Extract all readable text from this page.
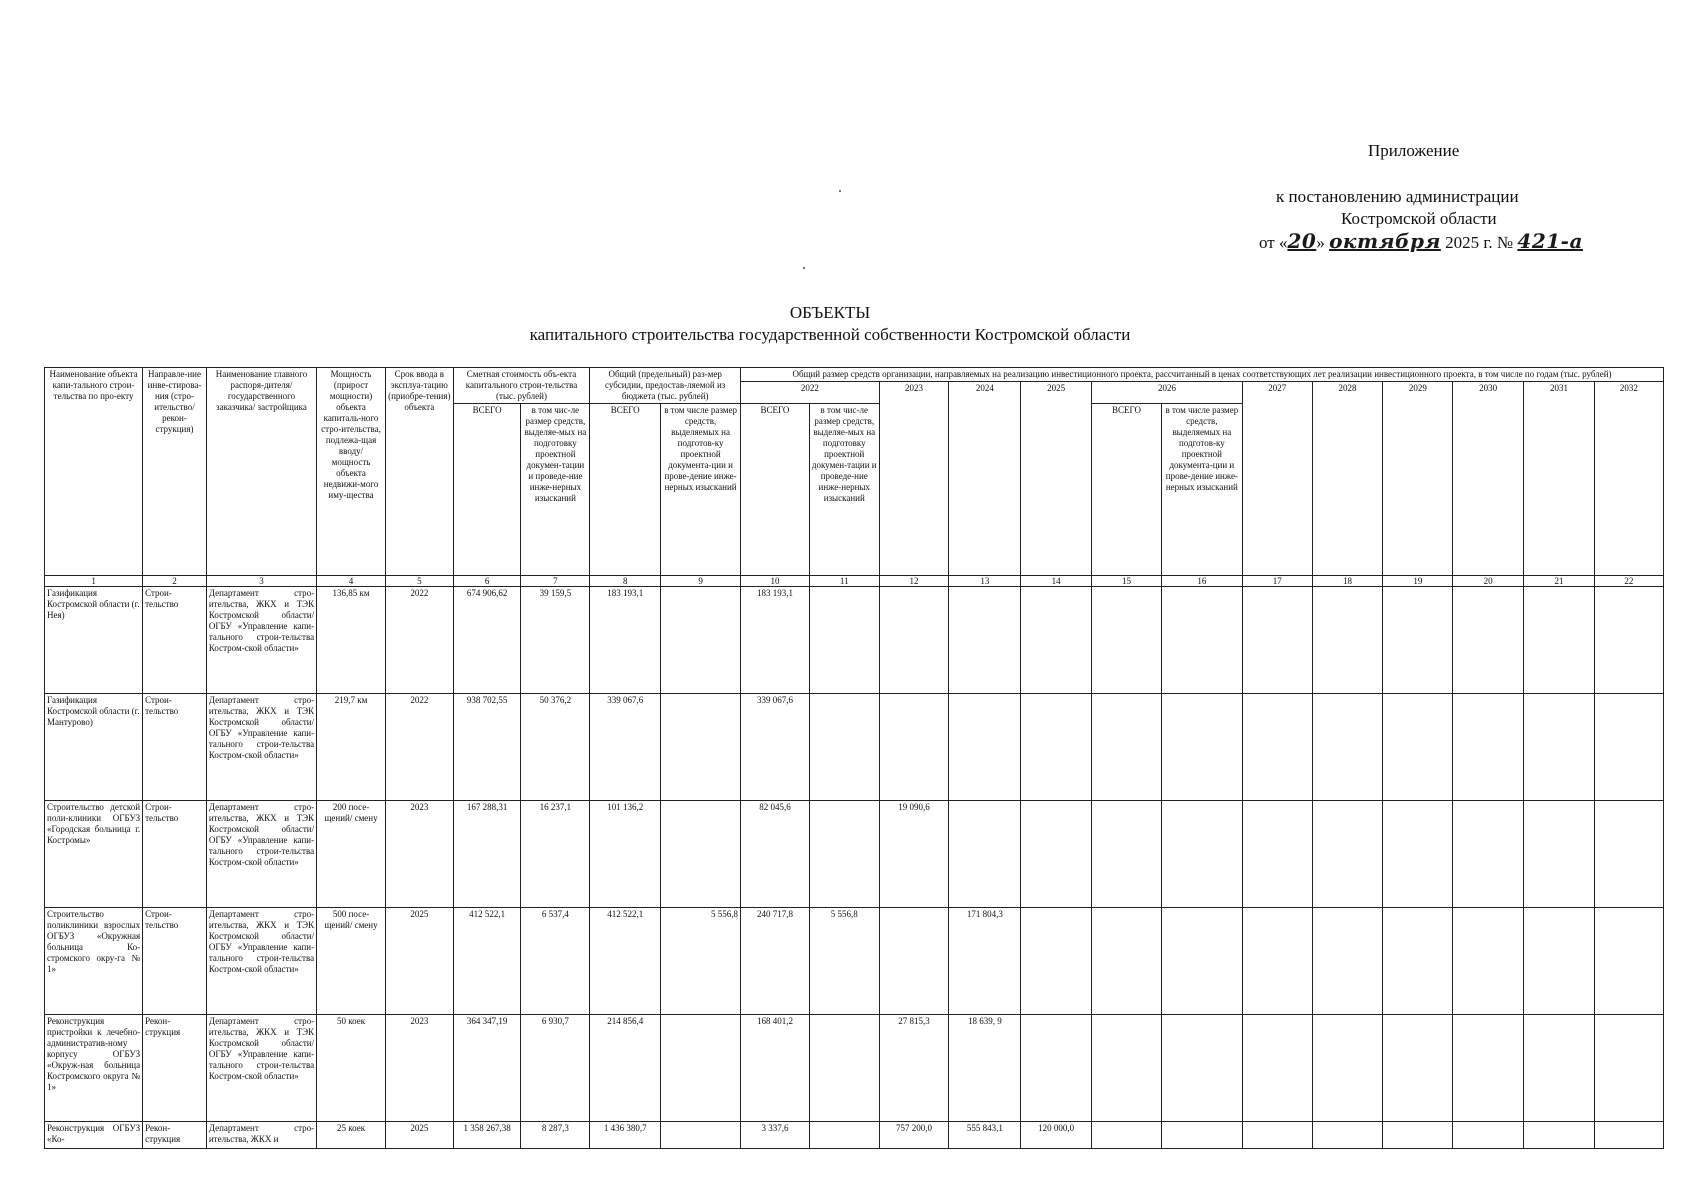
Приложение
к постановлению администрации
Костромской области
от «20» октября 2025 г. № 421-а
ОБЪЕКТЫ
капитального строительства государственной собственности Костромской области
Наименование объекта капи-тального строи-тельства по про-екту	Направле-ние инве-стирова-ния (стро-ительство/ рекон-струкция)	Наименование главного распоря-дителя/ государственного заказчика/ застройщика	Мощность (прирост мощности) объекта капиталь-ного стро-ительства, подлежа-щая вводу/ мощность объекта недвижи-мого иму-щества	Срок ввода в эксплуа-тацию (приобре-тения) объекта	Сметная стоимость объ-екта капитального строи-тельства (тыс. рублей)		Общий (предельный) раз-мер субсидии, предостав-ляемой из бюджета (тыс. рублей)		Общий размер средств организации, направляемых на реализацию инвестиционного проекта, рассчитанный в ценах соответствующих лет реализации инвестиционного проекта, в том числе по годам (тыс. рублей)												
									2022		2023	2024	2025	2026		2027	2028	2029	2030	2031	2032
					ВСЕГО	в том чис-ле размер средств, выделяе-мых на подготовку проектной докумен-тации и проведе-ние инже-нерных изысканий	ВСЕГО	в том числе размер средств, выделяемых на подготов-ку проектной документа-ции и прове-дение инже-нерных изысканий	ВСЕГО	в том чис-ле размер средств, выделяе-мых на подготовку проектной докумен-тации и проведе-ние инже-нерных изысканий				ВСЕГО	в том числе размер средств, выделяемых на подготов-ку проектной документа-ции и прове-дение инже-нерных изысканий						
1	2	3	4	5	6	7	8	9	10	11	12	13	14	15	16	17	18	19	20	21	22
Газификация Костромской области (г. Нея)	Строи-тельство	Департамент стро-ительства, ЖКХ и ТЭК Костромской области/ОГБУ «Управление капи-тального строи-тельства Костром-ской области»	136,85 км	2022	674 906,62	39 159,5	183 193,1		183 193,1												
Газификация Костромской области (г. Мантурово)	Строи-тельство	Департамент стро-ительства, ЖКХ и ТЭК Костромской области/ОГБУ «Управление капи-тального строи-тельства Костром-ской области»	219,7 км	2022	938 702,55	50 376,2	339 067,6		339 067,6												
Строительство детской поли-клиники ОГБУЗ «Городская больница г. Костромы»	Строи-тельство	Департамент стро-ительства, ЖКХ и ТЭК Костромской области/ОГБУ «Управление капи-тального строи-тельства Костром-ской области»	200 посе-щений/ смену	2023	167 288,31	16 237,1	101 136,2		82 045,6		19 090,6										
Строительство поликлиники взрослых ОГБУЗ «Окружная больница Ко-стромского окру-га № 1»	Строи-тельство	Департамент стро-ительства, ЖКХ и ТЭК Костромской области/ОГБУ «Управление капи-тального строи-тельства Костром-ской области»	500 посе-щений/ смену	2025	412 522,1	6 537,4	412 522,1	5 556,8	240 717,8	5 556,8		171 804,3									
Реконструкция пристройки к лечебно-административ-ному корпусу ОГБУЗ «Окруж-ная больница Костромского округа № 1»	Рекон-струкция	Департамент стро-ительства, ЖКХ и ТЭК Костромской области/ОГБУ «Управление капи-тального строи-тельства Костром-ской области»	50 коек	2023	364 347,19	6 930,7	214 856,4		168 401,2		27 815,3	18 639, 9									
Реконструкция ОГБУЗ «Ко-	Рекон-струкция	Департамент стро-ительства, ЖКХ и	25 коек	2025	1 358 267,38	8 287,3	1 436 380,7		3 337,6		757 200,0	555 843,1	120 000,0								
